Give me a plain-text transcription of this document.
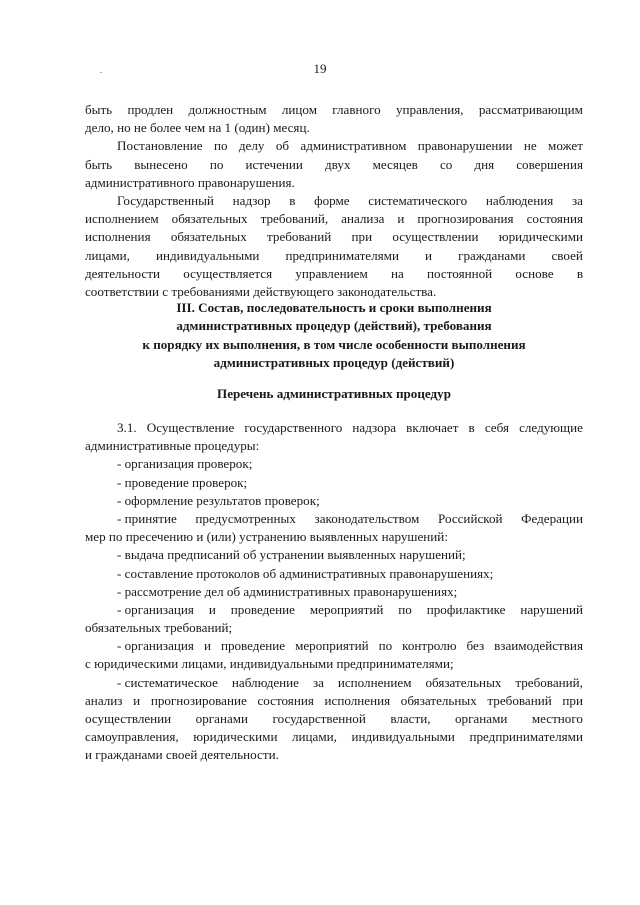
19
быть продлен должностным лицом главного управления, рассматривающим
дело, но не более чем на 1 (один) месяц.
Постановление по делу об административном правонарушении не может
быть вынесено по истечении двух месяцев со дня совершения
административного правонарушения.
Государственный надзор в форме систематического наблюдения за
исполнением обязательных требований, анализа и прогнозирования состояния
исполнения обязательных требований при осуществлении юридическими
лицами, индивидуальными предпринимателями и гражданами своей
деятельности осуществляется управлением на постоянной основе в
соответствии с требованиями действующего законодательства.
III. Состав, последовательность и сроки выполнения
административных процедур (действий), требования
к порядку их выполнения, в том числе особенности выполнения
административных процедур (действий)
Перечень административных процедур
3.1. Осуществление государственного надзора включает в себя следующие
административные процедуры:
- организация проверок;
- проведение проверок;
- оформление результатов проверок;
- принятие предусмотренных законодательством Российской Федерации
мер по пресечению и (или) устранению выявленных нарушений:
- выдача предписаний об устранении выявленных нарушений;
- составление протоколов об административных правонарушениях;
- рассмотрение дел об административных правонарушениях;
- организация и проведение мероприятий по профилактике нарушений
обязательных требований;
- организация и проведение мероприятий по контролю без взаимодействия
с юридическими лицами, индивидуальными предпринимателями;
- систематическое наблюдение за исполнением обязательных требований,
анализ и прогнозирование состояния исполнения обязательных требований при
осуществлении органами государственной власти, органами местного
самоуправления, юридическими лицами, индивидуальными предпринимателями
и гражданами своей деятельности.
